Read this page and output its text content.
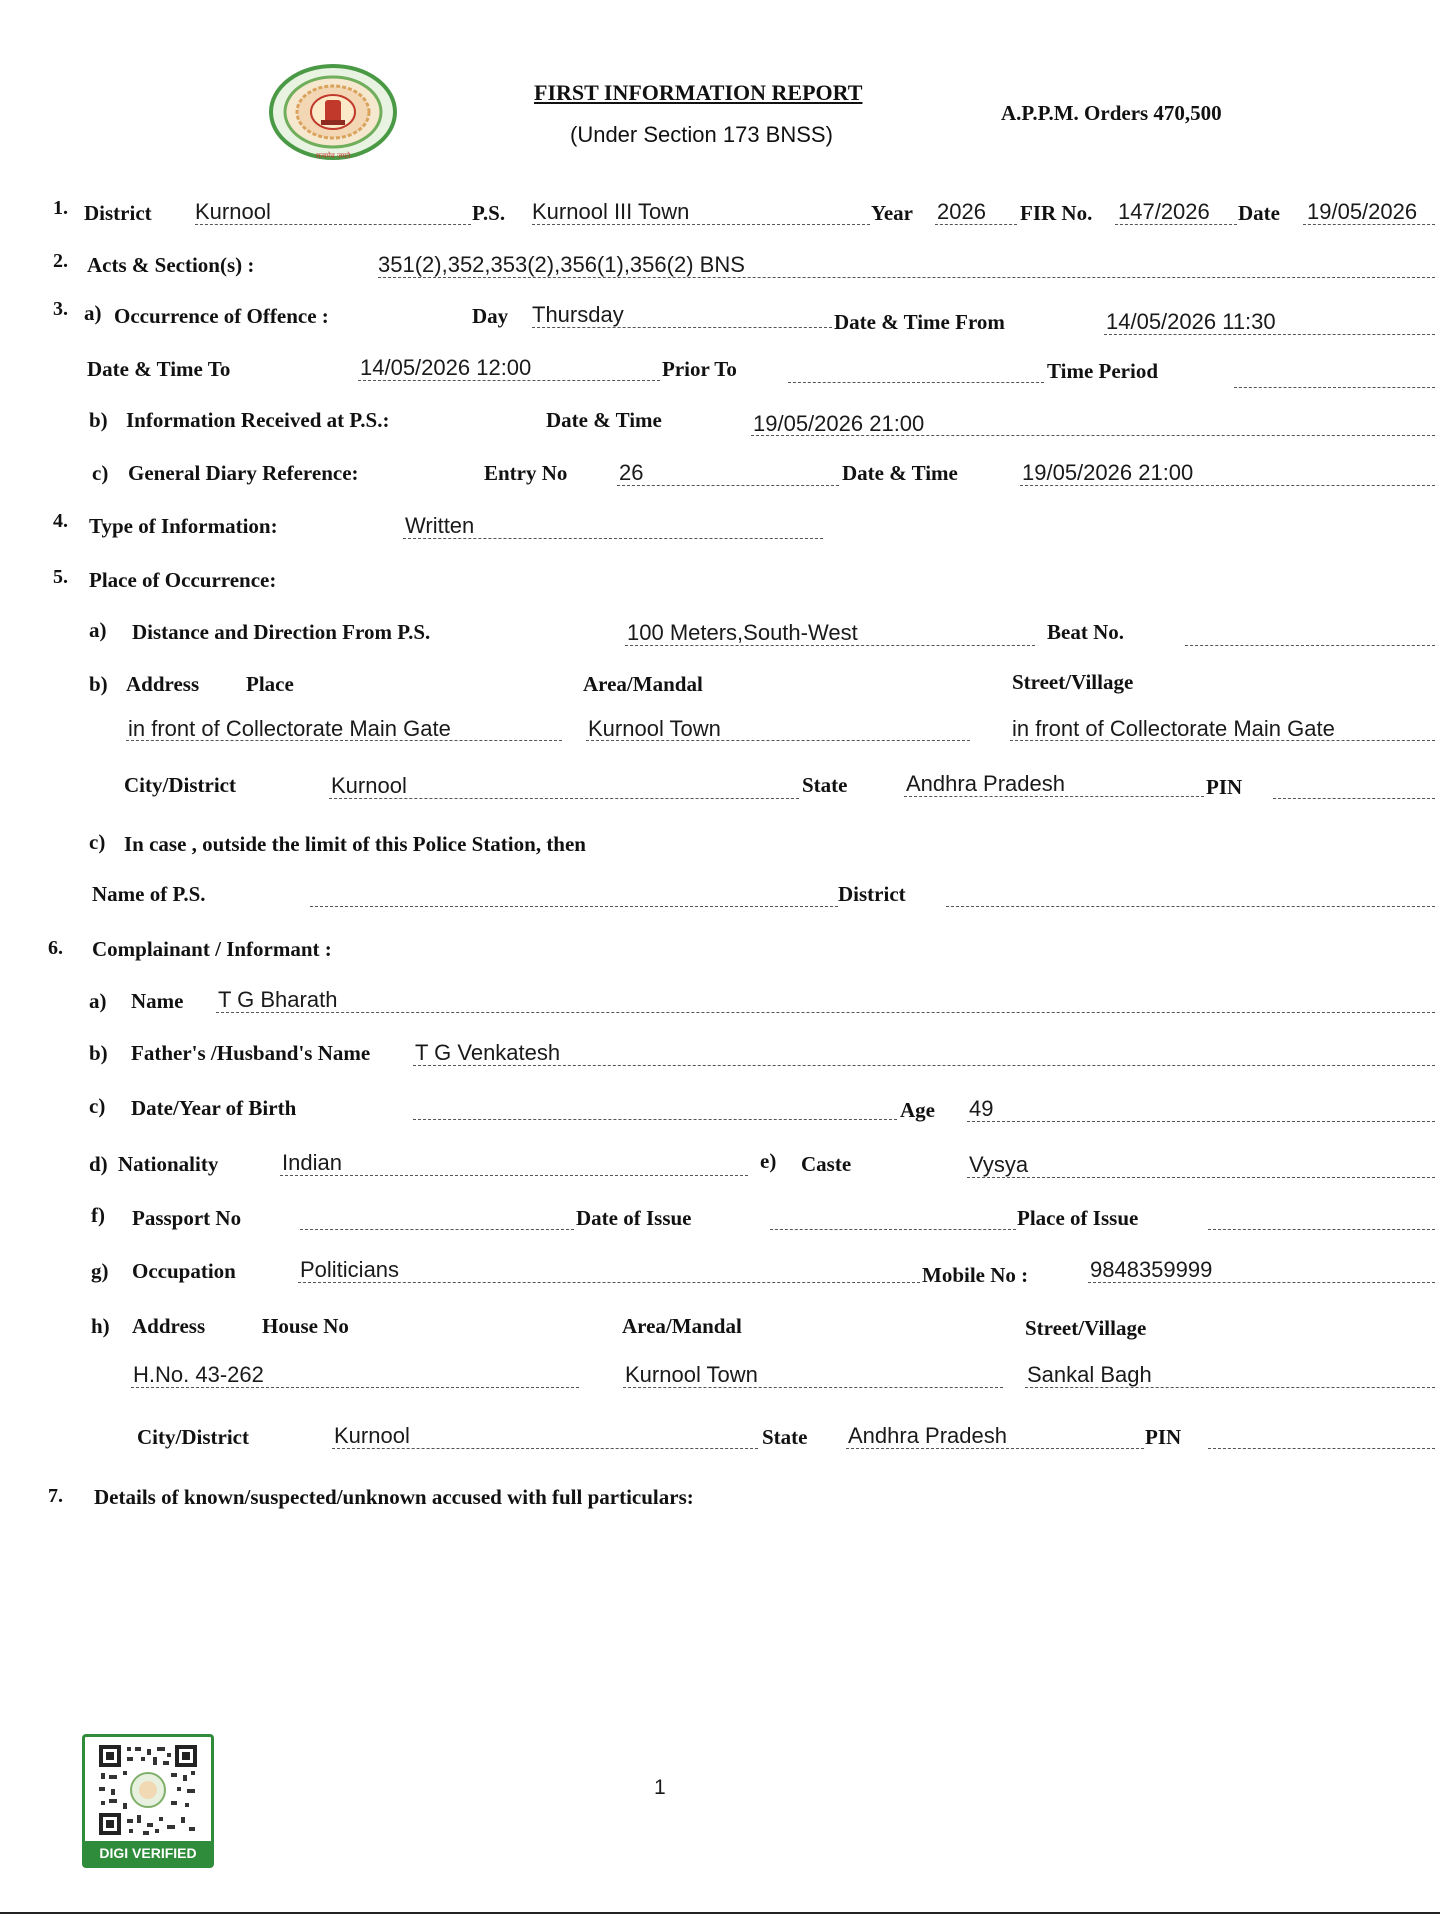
सत्यमेव जयते
FIRST INFORMATION REPORT
(Under Section 173 BNSS)
A.P.P.M. Orders 470,500
1. District Kurnool	P.S. Kurnool III Town	Year 2026 FIR No. 147/2026 Date 19/05/2026
2. Acts & Section(s) :	351(2),352,353(2),356(1),356(2) BNS
3. a) Occurrence of Offence :	Day Thursday	Date & Time From	14/05/2026 11:30
Date & Time To	14/05/2026 12:00	Prior To	Time Period
b) Information Received at P.S.:	Date & Time	19/05/2026 21:00
c) General Diary Reference:	Entry No 26	Date & Time	19/05/2026 21:00
4. Type of Information:	Written
5. Place of Occurrence:
a) Distance and Direction From P.S.	100 Meters,South-West	Beat No.
b) Address Place	Area/Mandal	Street/Village
in front of Collectorate Main Gate	Kurnool Town	in front of Collectorate Main Gate
City/District	Kurnool	State	Andhra Pradesh	PIN
c) In case , outside the limit of this Police Station, then
Name of P.S.	District
6. Complainant / Informant :
a) Name T G Bharath
b) Father's /Husband's Name T G Venkatesh
c) Date/Year of Birth	Age 49
d) Nationality	Indian	e) Caste	Vysya
f) Passport No	Date of Issue	Place of Issue
g) Occupation	Politicians	Mobile No :	9848359999
h) Address	House No	Area/Mandal	Street/Village
H.No. 43-262	Kurnool Town	Sankal Bagh
City/District	Kurnool	State Andhra Pradesh	PIN
7. Details of known/suspected/unknown accused with full particulars:
DIGI VERIFIED
1
